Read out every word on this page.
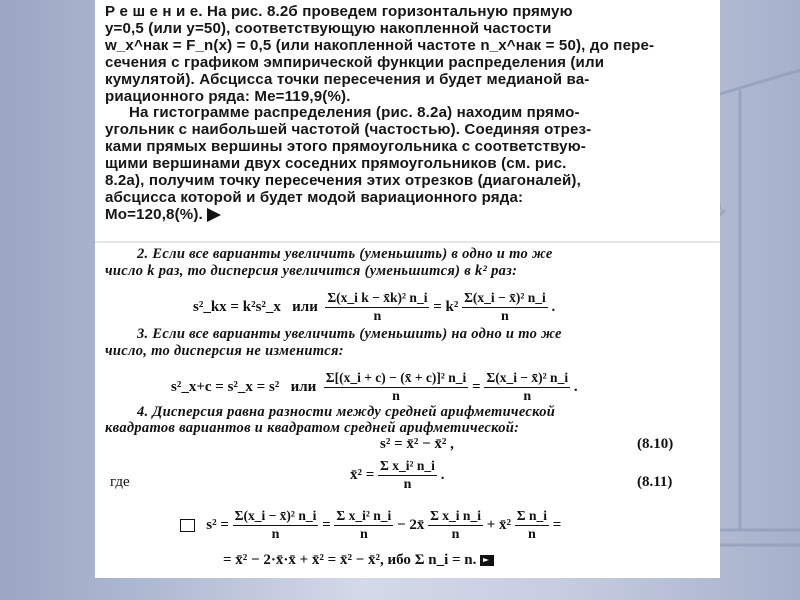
Р е ш е н и е. На рис. 8.2б проведем горизонтальную прямую
y=0,5 (или y=50), соответствующую накопленной частости
w_x^нак = F_n(x) = 0,5 (или накопленной частоте n_x^нак = 50), до пере-
сечения с графиком эмпирической функции распределения (или
кумулятой). Абсцисса точки пересечения и будет медианой ва-
риационного ряда: Me=119,9(%).
На гистограмме распределения (рис. 8.2а) находим прямо-
угольник с наибольшей частотой (частостью). Соединяя отрез-
ками прямых вершины этого прямоугольника с соответствую-
щими вершинами двух соседних прямоугольников (см. рис.
8.2а), получим точку пересечения этих отрезков (диагоналей),
абсцисса которой и будет модой вариационного ряда:
Mo=120,8(%).

2. Если все варианты увеличить (уменьшить) в одно и то же
число k раз, то дисперсия увеличится (уменьшится) в k² раз:
s²_kx = k²s²_x или $\frac{\text{Σ(x\_i k − x̄k)² n\_i}}{n} = k^2 \frac{\text{Σ(x\_i − x̄)² n\_i}}{n}$ .
3. Если все варианты увеличить (уменьшить) на одно и то же
число, то дисперсия не изменится:
s²_x+c = s²_x = s² или $\frac{\text{Σ[(x\_i + c) − (x̄ + c)]² n\_i}}{n} = \frac{\text{Σ(x\_i − x̄)² n\_i}}{n}$ .
4. Дисперсия равна разности между средней арифметической
квадратов вариантов и квадратом средней арифметической:
s² = x̄² − x̄² ,	(8.10)
где	x̄² = $\frac{\text{Σ x\_i² n\_i}}{n}$ .	(8.11)
$s^2 = \frac{\text{Σ(x\_i − x̄)² n\_i}}{n} = \frac{\text{Σ x\_i² n\_i}}{n}$ − 2x̄ $\frac{\text{Σ x\_i n\_i}}{n}$ + x̄² $\frac{\text{Σ n\_i}}{n}$ =
= x̄² − 2·x̄·x̄ + x̄² = x̄² − x̄², ибо Σ n_i = n.
